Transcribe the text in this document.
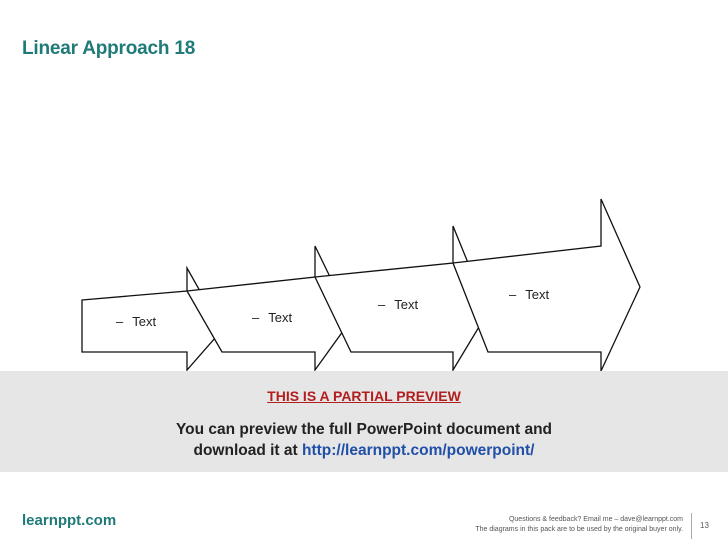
Linear Approach 18
– Text	– Text
– Text
– Text
THIS IS A PARTIAL PREVIEW
You can preview the full PowerPoint document and
download it at http://learnppt.com/powerpoint/
learnppt.com	Questions & feedback? Email me – dave@learnppt.com
The diagrams in this pack are to be used by the original buyer only. 13
